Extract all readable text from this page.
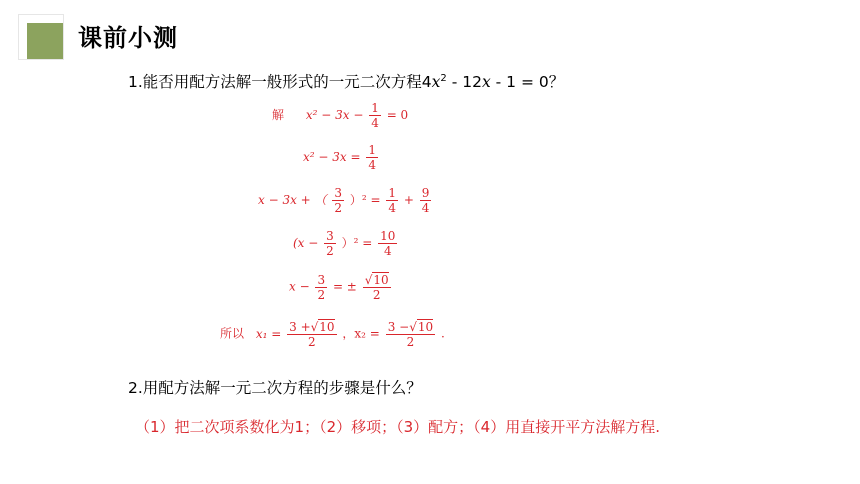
课前小测
1.能否用配方法解一般形式的一元二次方程$4x^2 - 12x - 1 = 0$？
解 $x^2 - 3x - \frac{1}{4} = 0$
$x^2 - 3x = \frac{1}{4}$
x − 3x + （ $\frac{3}{2} )^2 = \frac{1}{4} + \frac{9}{4}$
$(x - \frac{3}{2} )^2 = \frac{10}{4}$
$x - \frac{3}{2}$ = ± $\frac{√10}{2}$
所以 $x_1 = \frac{3 +√10}{2}$ ，$x_2 = \frac{3 -√10}{2}$ .
2.用配方法解一元二次方程的步骤是什么？
（1）把二次项系数化为1；（2）移项；（3）配方；（4）用直接开平方法解方程.
